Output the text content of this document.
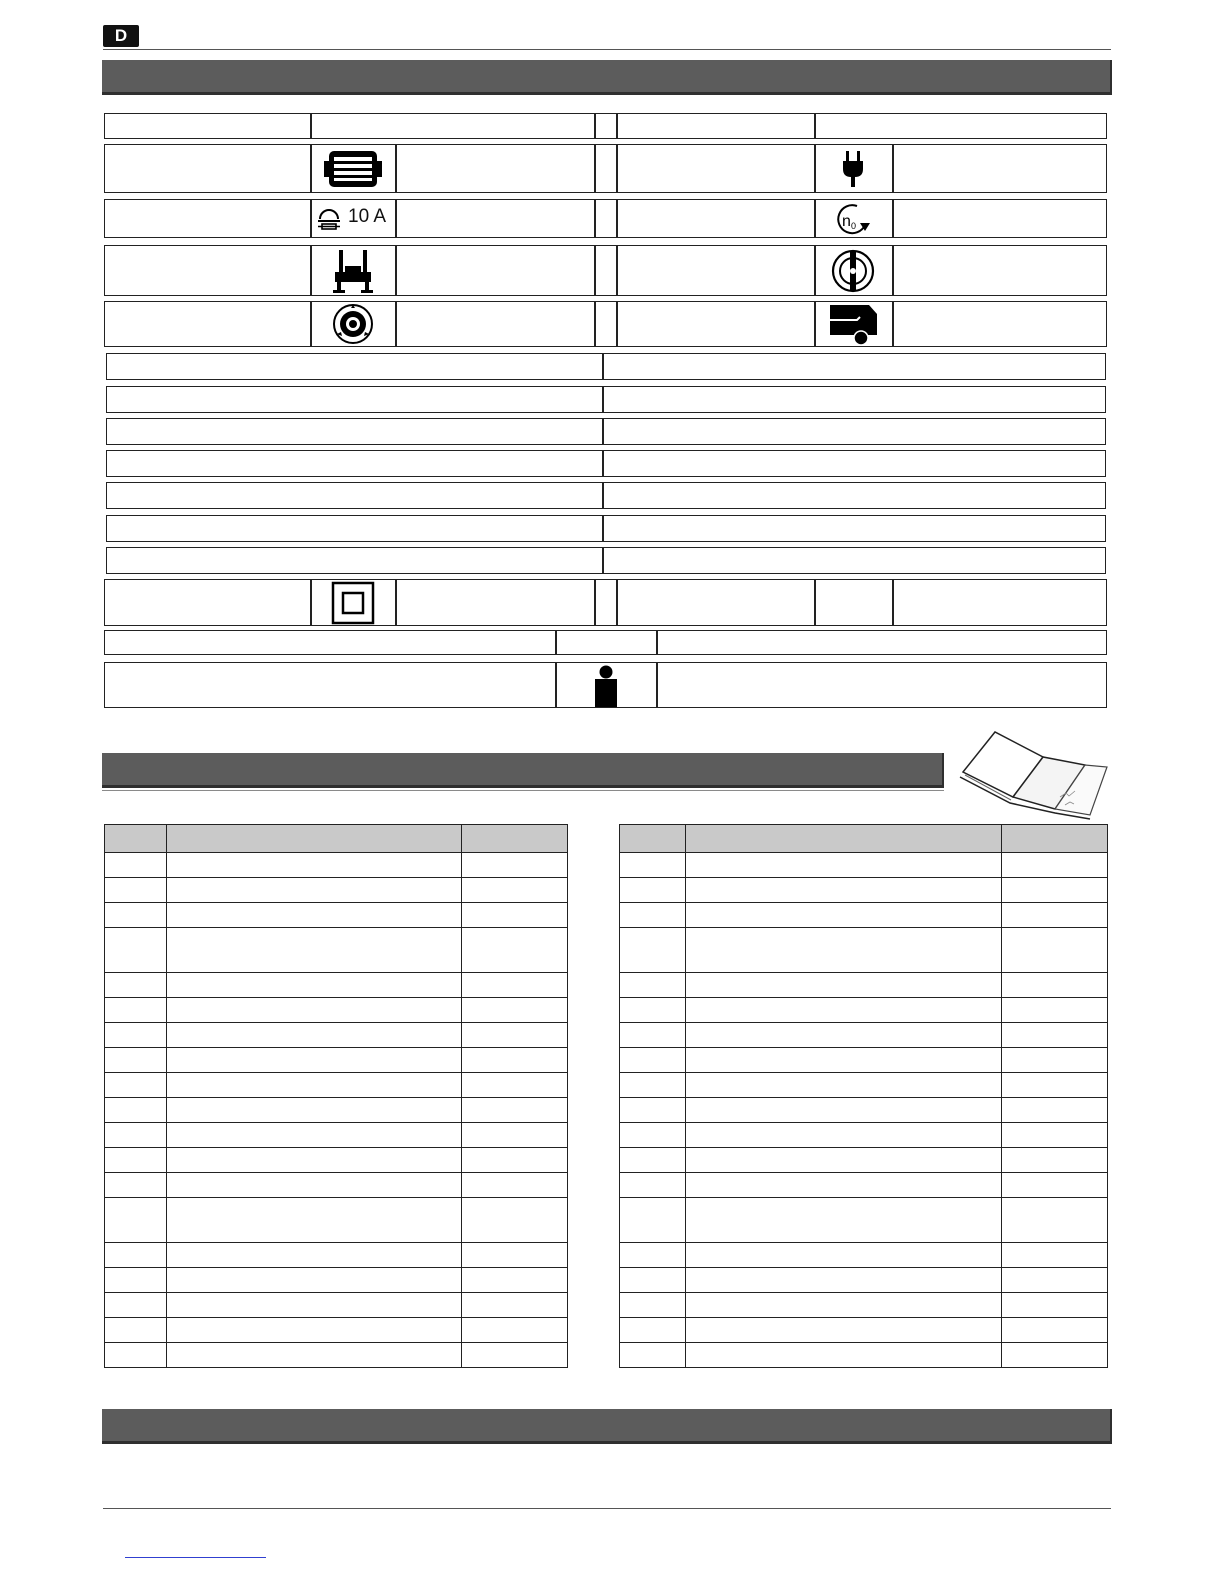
D
10 A	n 0
